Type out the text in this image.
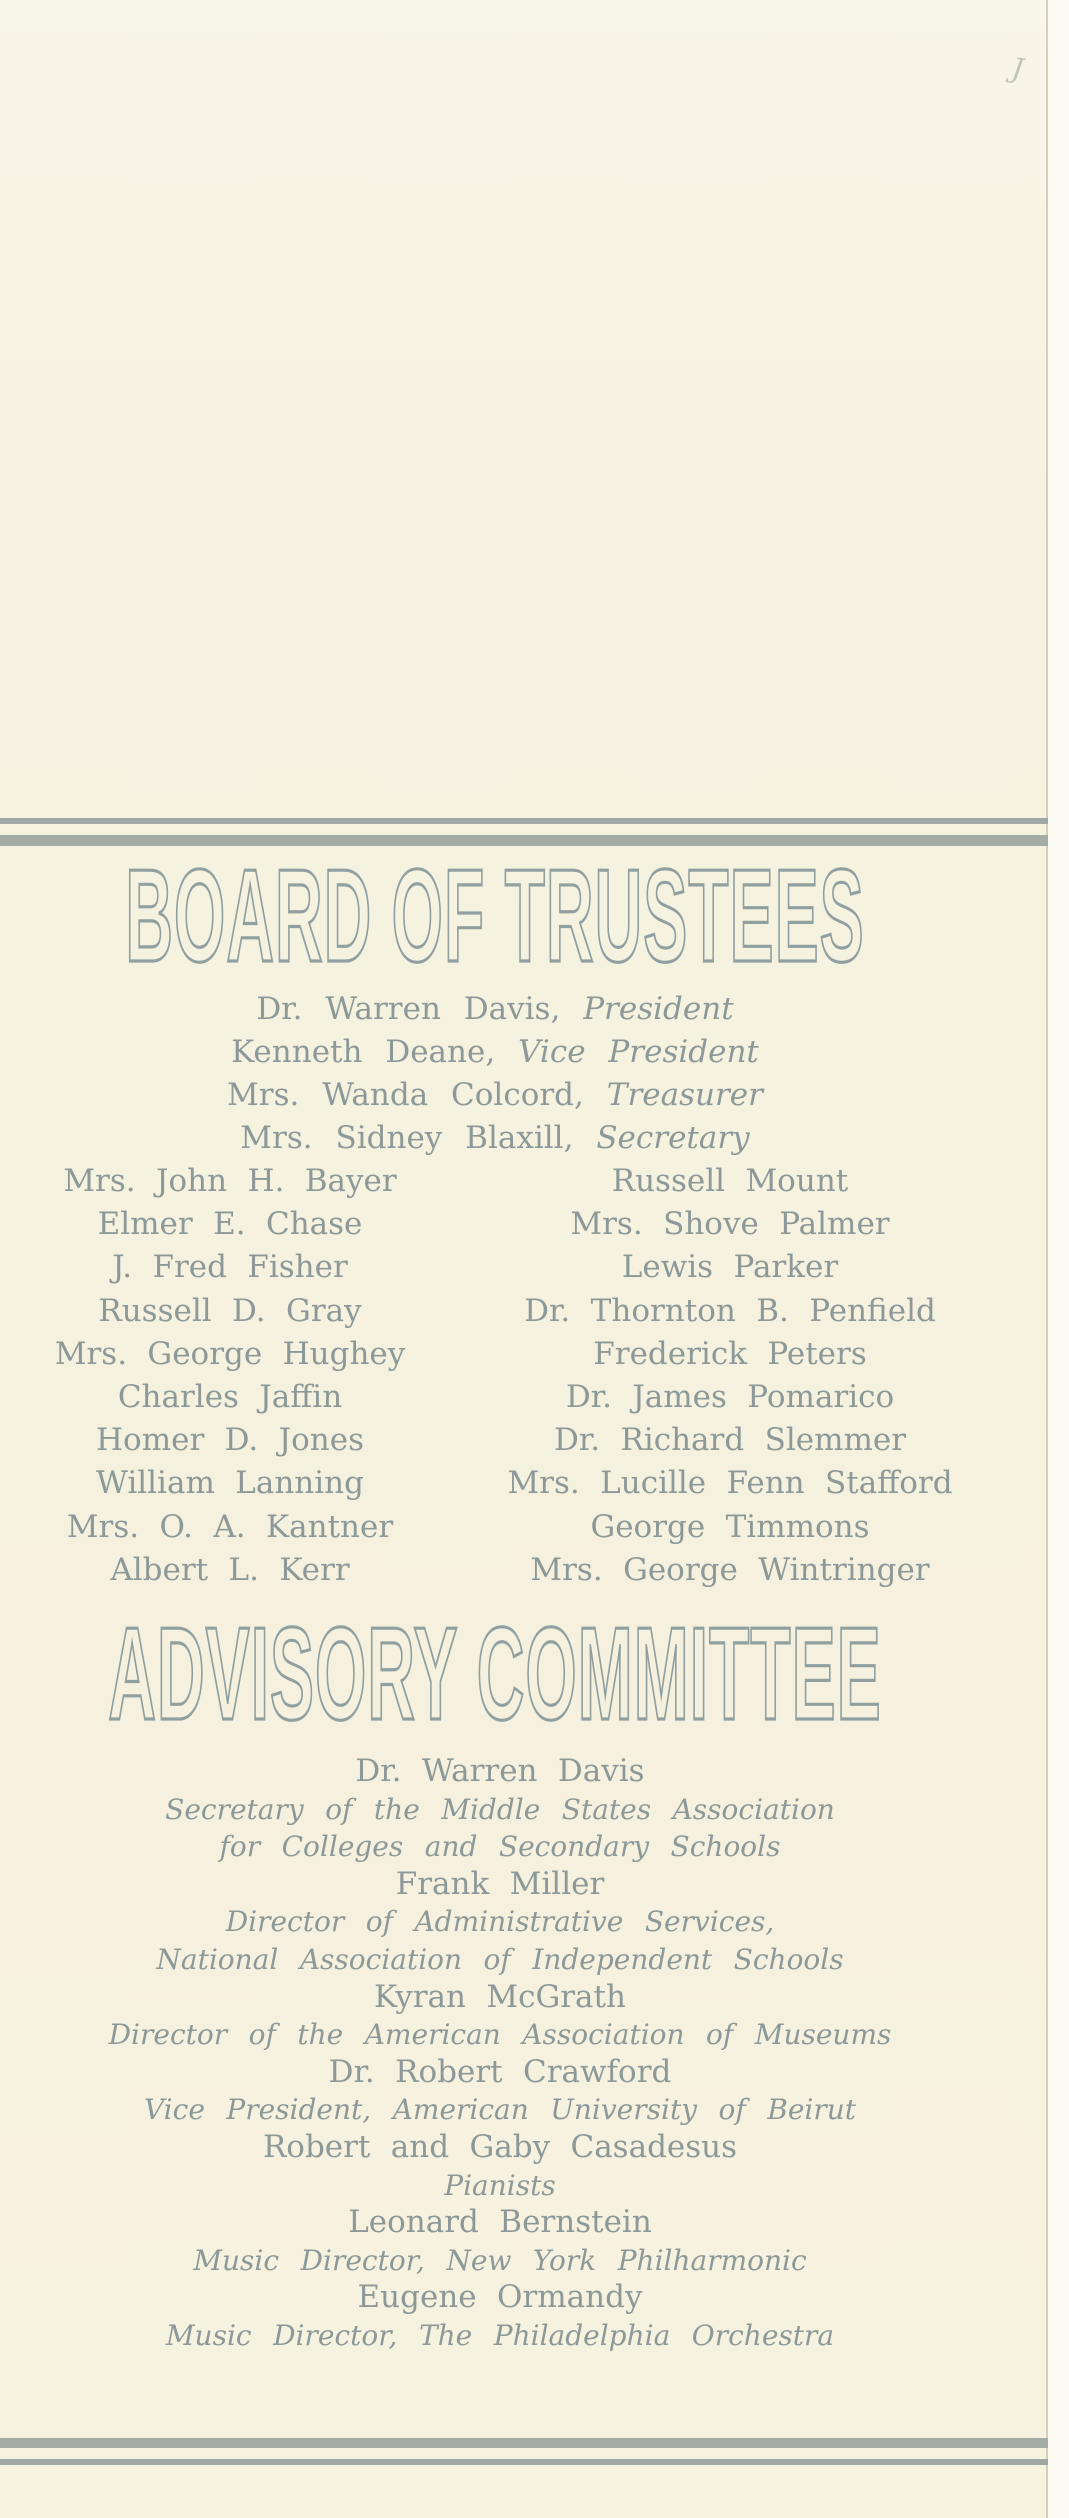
J
BOARD OF TRUSTEES
Dr. Warren Davis, President
Kenneth Deane, Vice President
Mrs. Wanda Colcord, Treasurer
Mrs. Sidney Blaxill, Secretary
Mrs. John H. Bayer
Elmer E. Chase
J. Fred Fisher
Russell D. Gray
Mrs. George Hughey
Charles Jaffin
Homer D. Jones
William Lanning
Mrs. O. A. Kantner
Albert L. Kerr
Russell Mount
Mrs. Shove Palmer
Lewis Parker
Dr. Thornton B. Penfield
Frederick Peters
Dr. James Pomarico
Dr. Richard Slemmer
Mrs. Lucille Fenn Stafford
George Timmons
Mrs. George Wintringer
ADVISORY COMMITTEE
Dr. Warren Davis
Secretary of the Middle States Association
for Colleges and Secondary Schools
Frank Miller
Director of Administrative Services,
National Association of Independent Schools
Kyran McGrath
Director of the American Association of Museums
Dr. Robert Crawford
Vice President, American University of Beirut
Robert and Gaby Casadesus
Pianists
Leonard Bernstein
Music Director, New York Philharmonic
Eugene Ormandy
Music Director, The Philadelphia Orchestra
